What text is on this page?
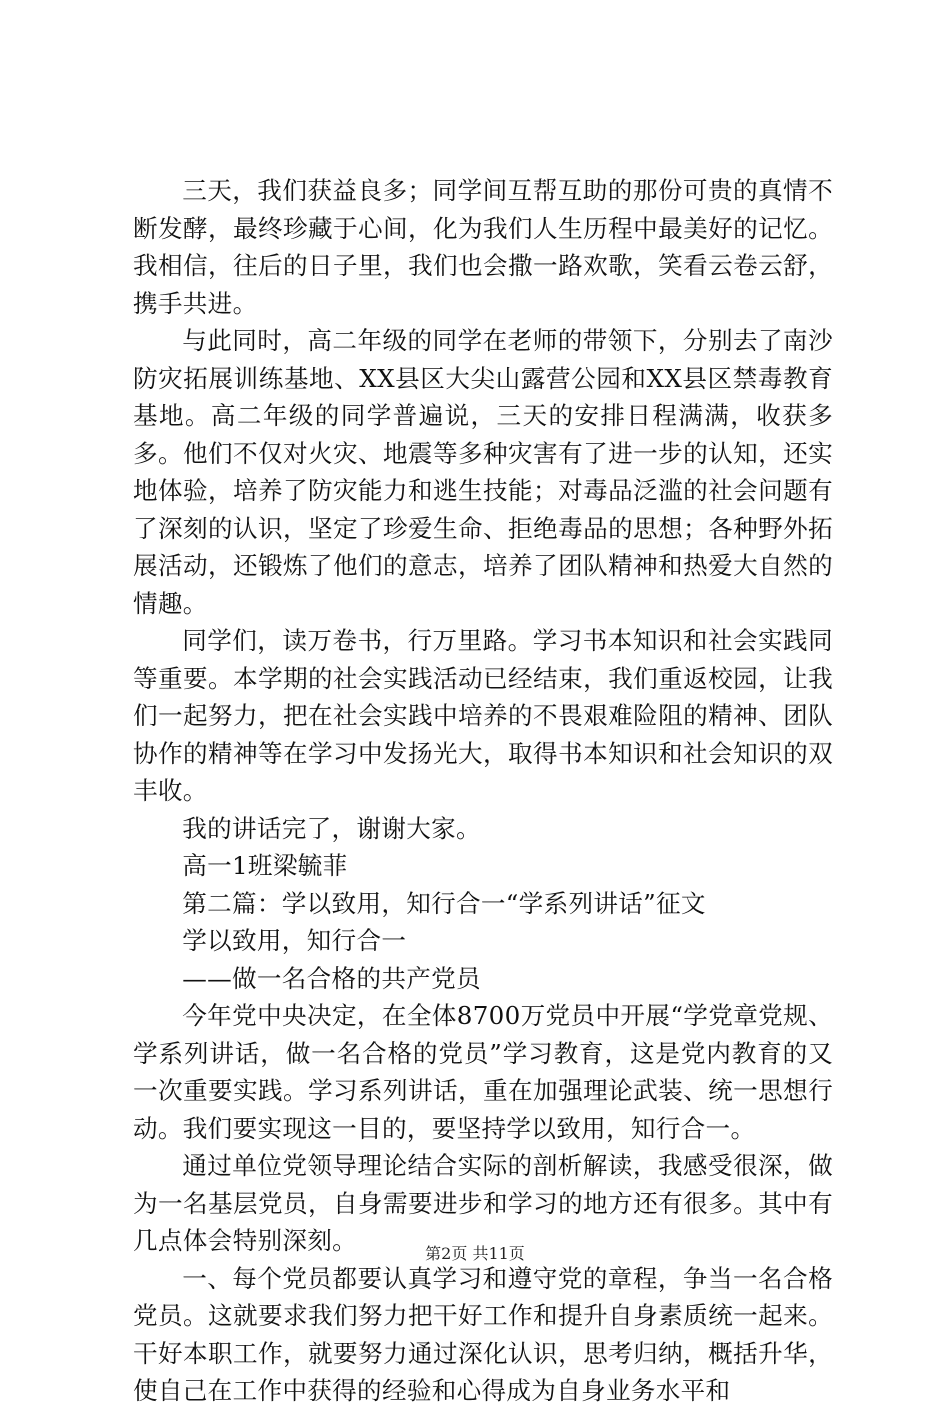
三天，我们获益良多；同学间互帮互助的那份可贵的真情不断发酵，最终珍藏于心间，化为我们人生历程中最美好的记忆。我相信，往后的日子里，我们也会撒一路欢歌，笑看云卷云舒，携手共进。

与此同时，高二年级的同学在老师的带领下，分别去了南沙防灾拓展训练基地、XX县区大尖山露营公园和XX县区禁毒教育基地。高二年级的同学普遍说，三天的安排日程满满，收获多多。他们不仅对火灾、地震等多种灾害有了进一步的认知，还实地体验，培养了防灾能力和逃生技能；对毒品泛滥的社会问题有了深刻的认识，坚定了珍爱生命、拒绝毒品的思想；各种野外拓展活动，还锻炼了他们的意志，培养了团队精神和热爱大自然的情趣。

同学们，读万卷书，行万里路。学习书本知识和社会实践同等重要。本学期的社会实践活动已经结束，我们重返校园，让我们一起努力，把在社会实践中培养的不畏艰难险阻的精神、团队协作的精神等在学习中发扬光大，取得书本知识和社会知识的双丰收。

我的讲话完了，谢谢大家。

高一1班梁毓菲

第二篇：学以致用，知行合一“学系列讲话”征文

学以致用，知行合一

——做一名合格的共产党员

今年党中央决定，在全体8700万党员中开展“学党章党规、学系列讲话，做一名合格的党员”学习教育，这是党内教育的又一次重要实践。学习系列讲话，重在加强理论武装、统一思想行动。我们要实现这一目的，要坚持学以致用，知行合一。

通过单位党领导理论结合实际的剖析解读，我感受很深，做为一名基层党员，自身需要进步和学习的地方还有很多。其中有几点体会特别深刻。

一、每个党员都要认真学习和遵守党的章程，争当一名合格党员。这就要求我们努力把干好工作和提升自身素质统一起来。干好本职工作，就要努力通过深化认识，思考归纳，概括升华，使自己在工作中获得的经验和心得成为自身业务水平和

第2页 共11页
